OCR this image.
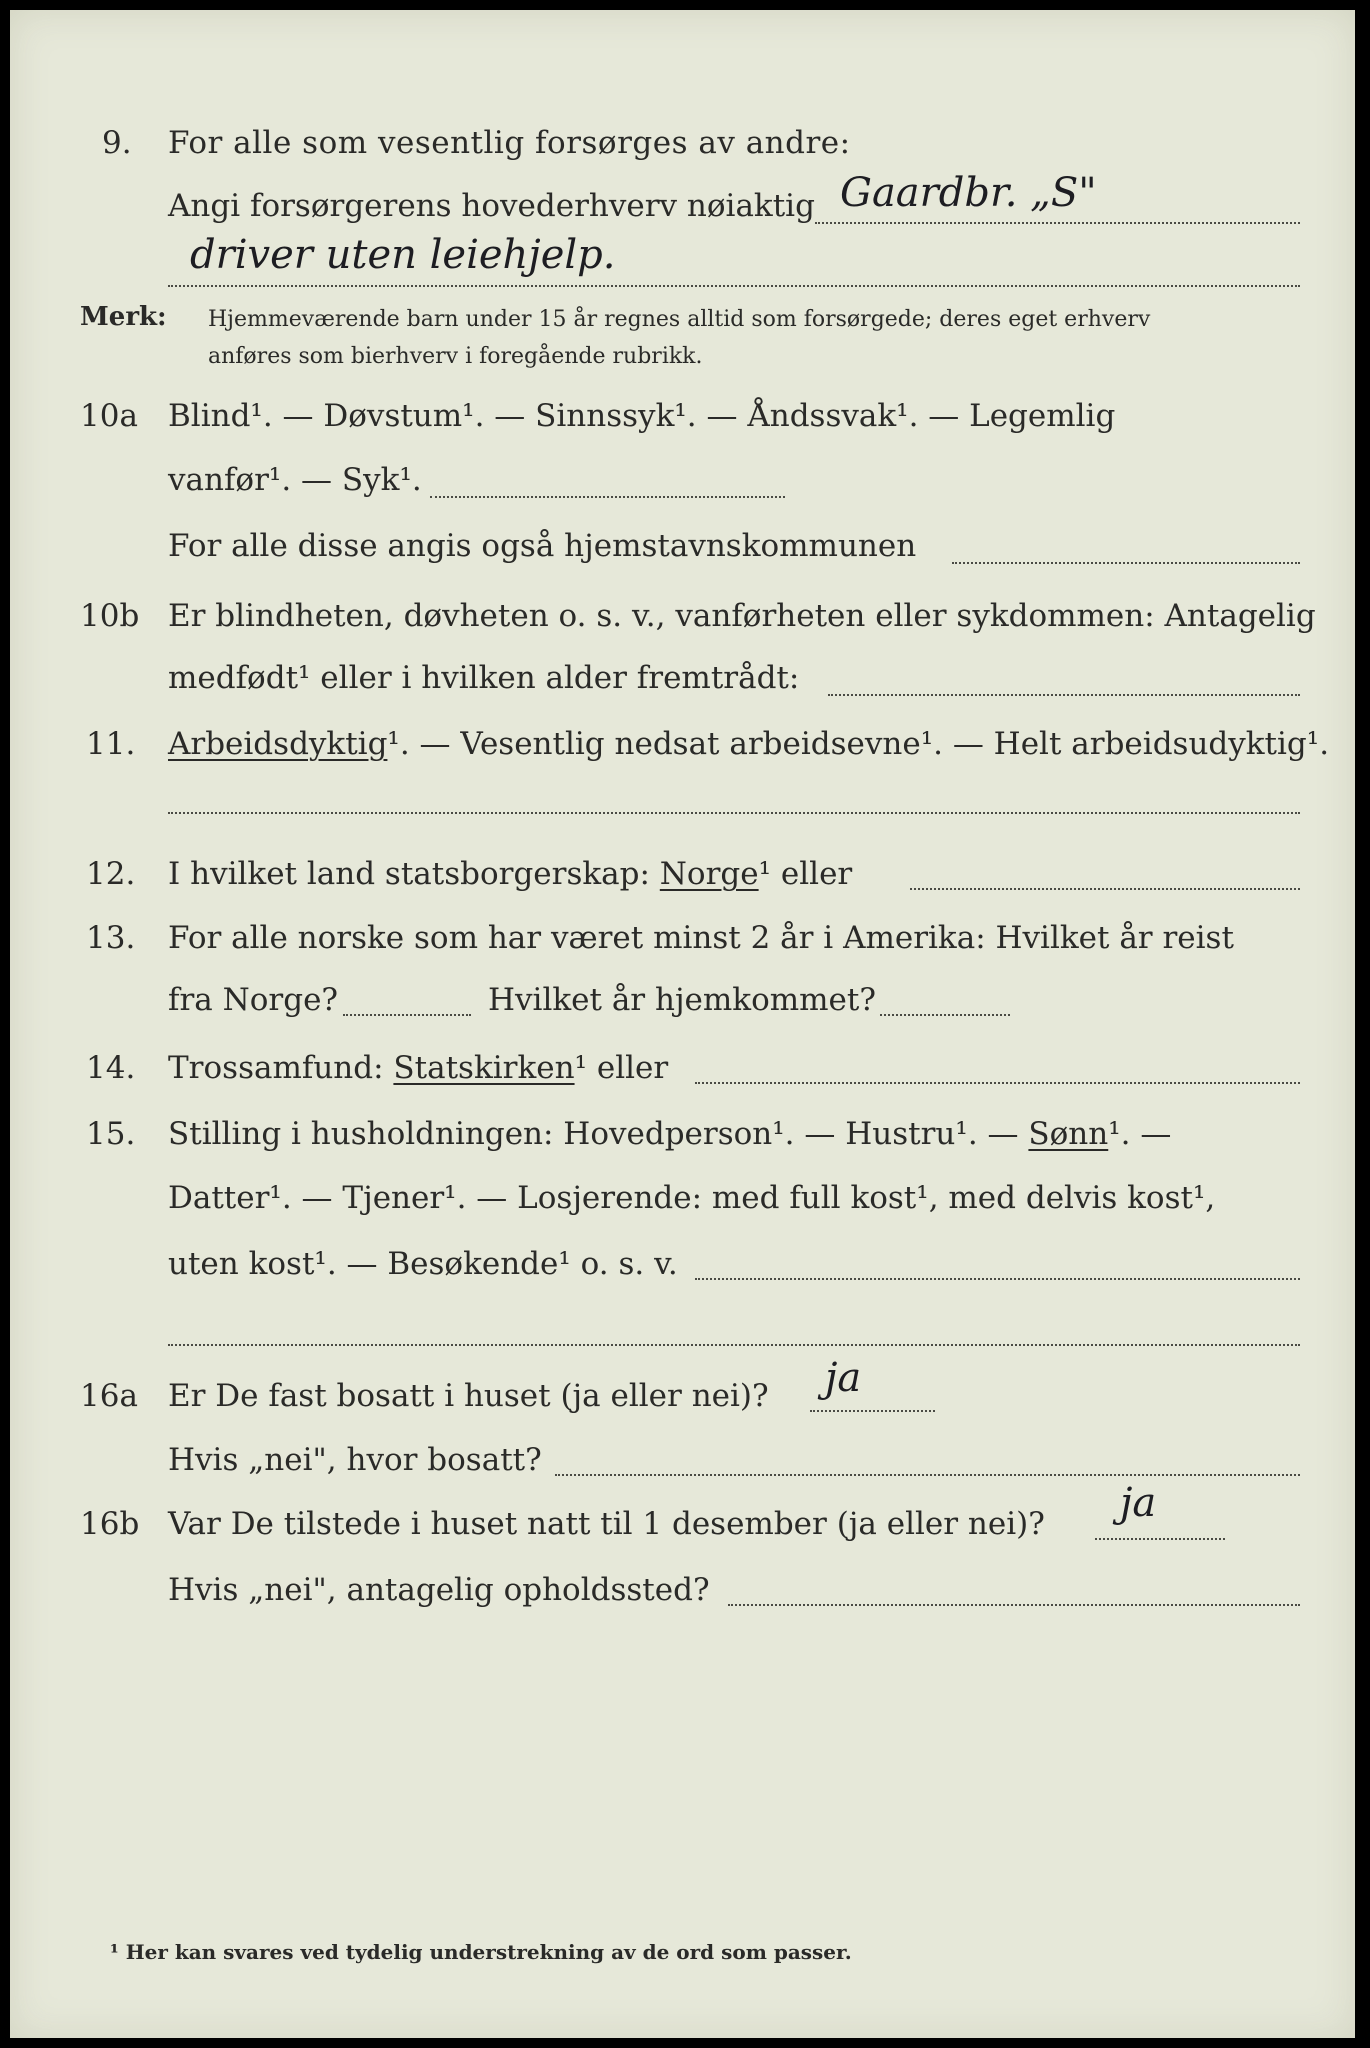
9. For alle som vesentlig forsørges av andre:
Angi forsørgerens hovederhverv nøiaktig Gaardbr. „S"
driver uten leiehjelp.
Merk: Hjemmeværende barn under 15 år regnes alltid som forsørgede; deres eget erhverv
anføres som bierhverv i foregående rubrikk.
10a Blind¹. — Døvstum¹. — Sinnssyk¹. — Åndssvak¹. — Legemlig
vanfør¹. — Syk¹.
For alle disse angis også hjemstavnskommunen
10b Er blindheten, døvheten o. s. v., vanførheten eller sykdommen: Antagelig
medfødt¹ eller i hvilken alder fremtrådt:
11. Arbeidsdyktig¹. — Vesentlig nedsat arbeidsevne¹. — Helt arbeidsudyktig¹.
12. I hvilket land statsborgerskap: Norge¹ eller
13. For alle norske som har været minst 2 år i Amerika: Hvilket år reist
fra Norge?	Hvilket år hjemkommet?
14. Trossamfund: Statskirken¹ eller
15. Stilling i husholdningen: Hovedperson¹. — Hustru¹. — Sønn¹. —
Datter¹. — Tjener¹. — Losjerende: med full kost¹, med delvis kost¹,
uten kost¹. — Besøkende¹ o. s. v.
16a Er De fast bosatt i huset (ja eller nei)? ja
Hvis „nei", hvor bosatt?
16b Var De tilstede i huset natt til 1 desember (ja eller nei)? ja
Hvis „nei", antagelig opholdssted?
¹ Her kan svares ved tydelig understrekning av de ord som passer.
